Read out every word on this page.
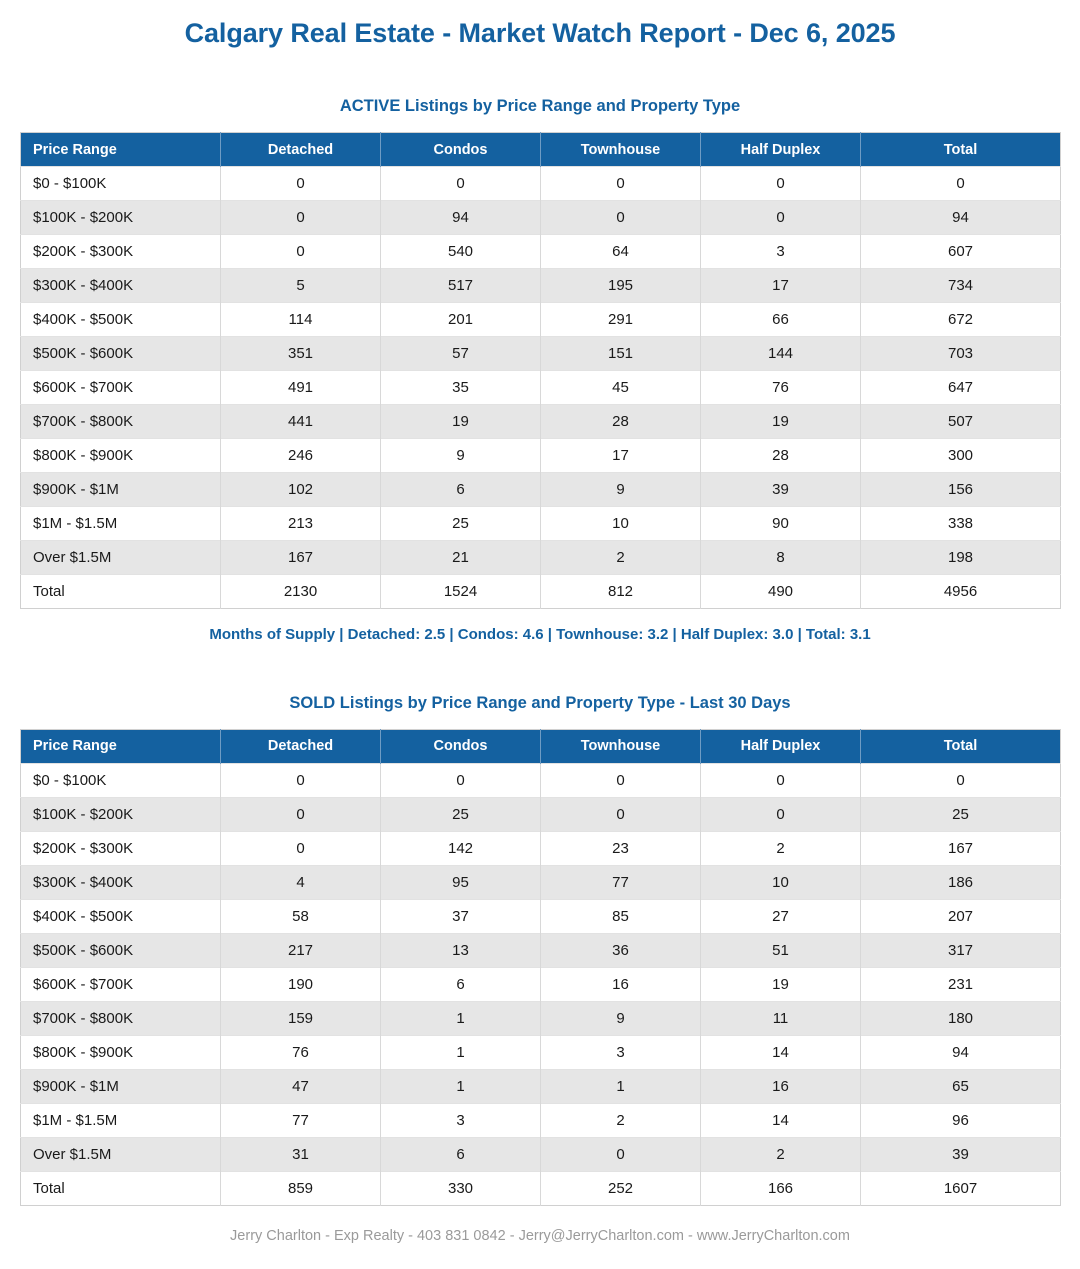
Calgary Real Estate - Market Watch Report - Dec 6, 2025
ACTIVE Listings by Price Range and Property Type
Price Range	Detached	Condos	Townhouse	Half Duplex	Total
$0 - $100K	0	0	0	0	0
$100K - $200K	0	94	0	0	94
$200K - $300K	0	540	64	3	607
$300K - $400K	5	517	195	17	734
$400K - $500K	114	201	291	66	672
$500K - $600K	351	57	151	144	703
$600K - $700K	491	35	45	76	647
$700K - $800K	441	19	28	19	507
$800K - $900K	246	9	17	28	300
$900K - $1M	102	6	9	39	156
$1M - $1.5M	213	25	10	90	338
Over $1.5M	167	21	2	8	198
Total	2130	1524	812	490	4956

Months of Supply | Detached: 2.5 | Condos: 4.6 | Townhouse: 3.2 | Half Duplex: 3.0 | Total: 3.1

SOLD Listings by Price Range and Property Type - Last 30 Days
Price Range	Detached	Condos	Townhouse	Half Duplex	Total
$0 - $100K	0	0	0	0	0
$100K - $200K	0	25	0	0	25
$200K - $300K	0	142	23	2	167
$300K - $400K	4	95	77	10	186
$400K - $500K	58	37	85	27	207
$500K - $600K	217	13	36	51	317
$600K - $700K	190	6	16	19	231
$700K - $800K	159	1	9	11	180
$800K - $900K	76	1	3	14	94
$900K - $1M	47	1	1	16	65
$1M - $1.5M	77	3	2	14	96
Over $1.5M	31	6	0	2	39
Total	859	330	252	166	1607

Jerry Charlton - Exp Realty - 403 831 0842 - Jerry@JerryCharlton.com - www.JerryCharlton.com
